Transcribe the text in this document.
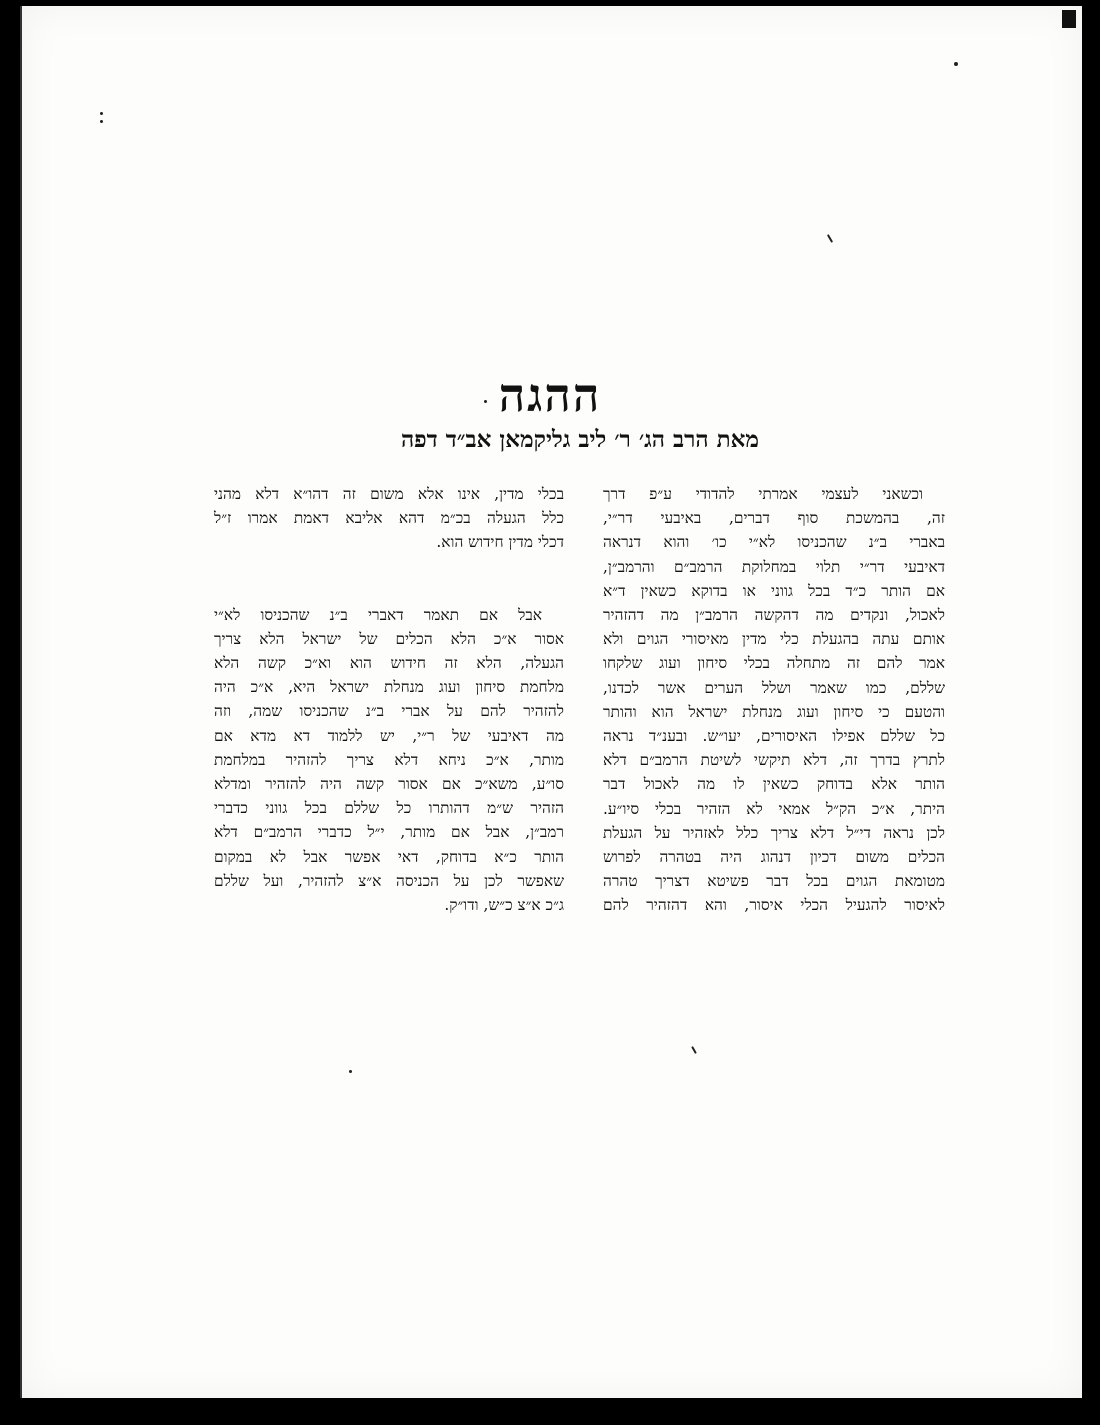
ההגה
מאת הרב הג׳ ר׳ ליב גליקמאן אב״ד דפה
וכשאני לעצמי אמרתי להדודי ע״פ דרך
זה, בהמשכת סוף דברים, באיבעי דר״י,
באברי ב״נ שהכניסו לא״י כו׳ והוא דנראה
דאיבעי דר״י תלוי במחלוקת הרמב״ם והרמב״ן,
אם הותר כ״ד בכל גווני או בדוקא כשאין ד״א
לאכול, ונקדים מה דהקשה הרמב״ן מה דהזהיר
אותם עתה בהגעלת כלי מדין מאיסורי הגוים ולא
אמר להם זה מתחלה בכלי סיחון ועוג שלקחו
שללם, כמו שאמר ושלל הערים אשר לכדנו,
והטעם כי סיחון ועוג מנחלת ישראל הוא והותר
כל שללם אפילו האיסורים, יעו״ש. ובענ״ד נראה
לתרץ בדרך זה, דלא תיקשי לשיטת הרמב״ם דלא
הותר אלא בדוחק כשאין לו מה לאכול דבר
היתר, א״כ הק״ל אמאי לא הזהיר בכלי סיו״ע.
לכן נראה די״ל דלא צריך כלל לאזהיר על הגעלת
הכלים משום דכיון דנהוג היה בטהרה לפרוש
מטומאת הגוים בכל דבר פשיטא דצריך טהרה
לאיסור להגעיל הכלי איסור, והא דהזהיר להם
בכלי מדין, אינו אלא משום זה דהו״א דלא מהני
כלל הגעלה בכ״מ דהא אליבא דאמת אמרו ז״ל
דכלי מדין חידוש הוא.
אבל אם תאמר דאברי ב״נ שהכניסו לא״י
אסור א״כ הלא הכלים של ישראל הלא צריך
הגעלה, הלא זה חידוש הוא וא״כ קשה הלא
מלחמת סיחון ועוג מנחלת ישראל היא, א״כ היה
להזהיר להם על אברי ב״נ שהכניסו שמה, וזה
מה דאיבעי של ר״י, יש ללמוד דא מדא אם
מותר, א״כ ניחא דלא צריך להזהיר במלחמת
סו״ע, משא״כ אם אסור קשה היה להזהיר ומדלא
הזהיר ש״מ דהותרו כל שללם בכל גווני כדברי
רמב״ן, אבל אם מותר, י״ל כדברי הרמב״ם דלא
הותר כ״א בדוחק, דאי אפשר אבל לא במקום
שאפשר לכן על הכניסה א״צ להזהיר, ועל שללם
ג״כ א״צ כ״ש, ודו״ק.
